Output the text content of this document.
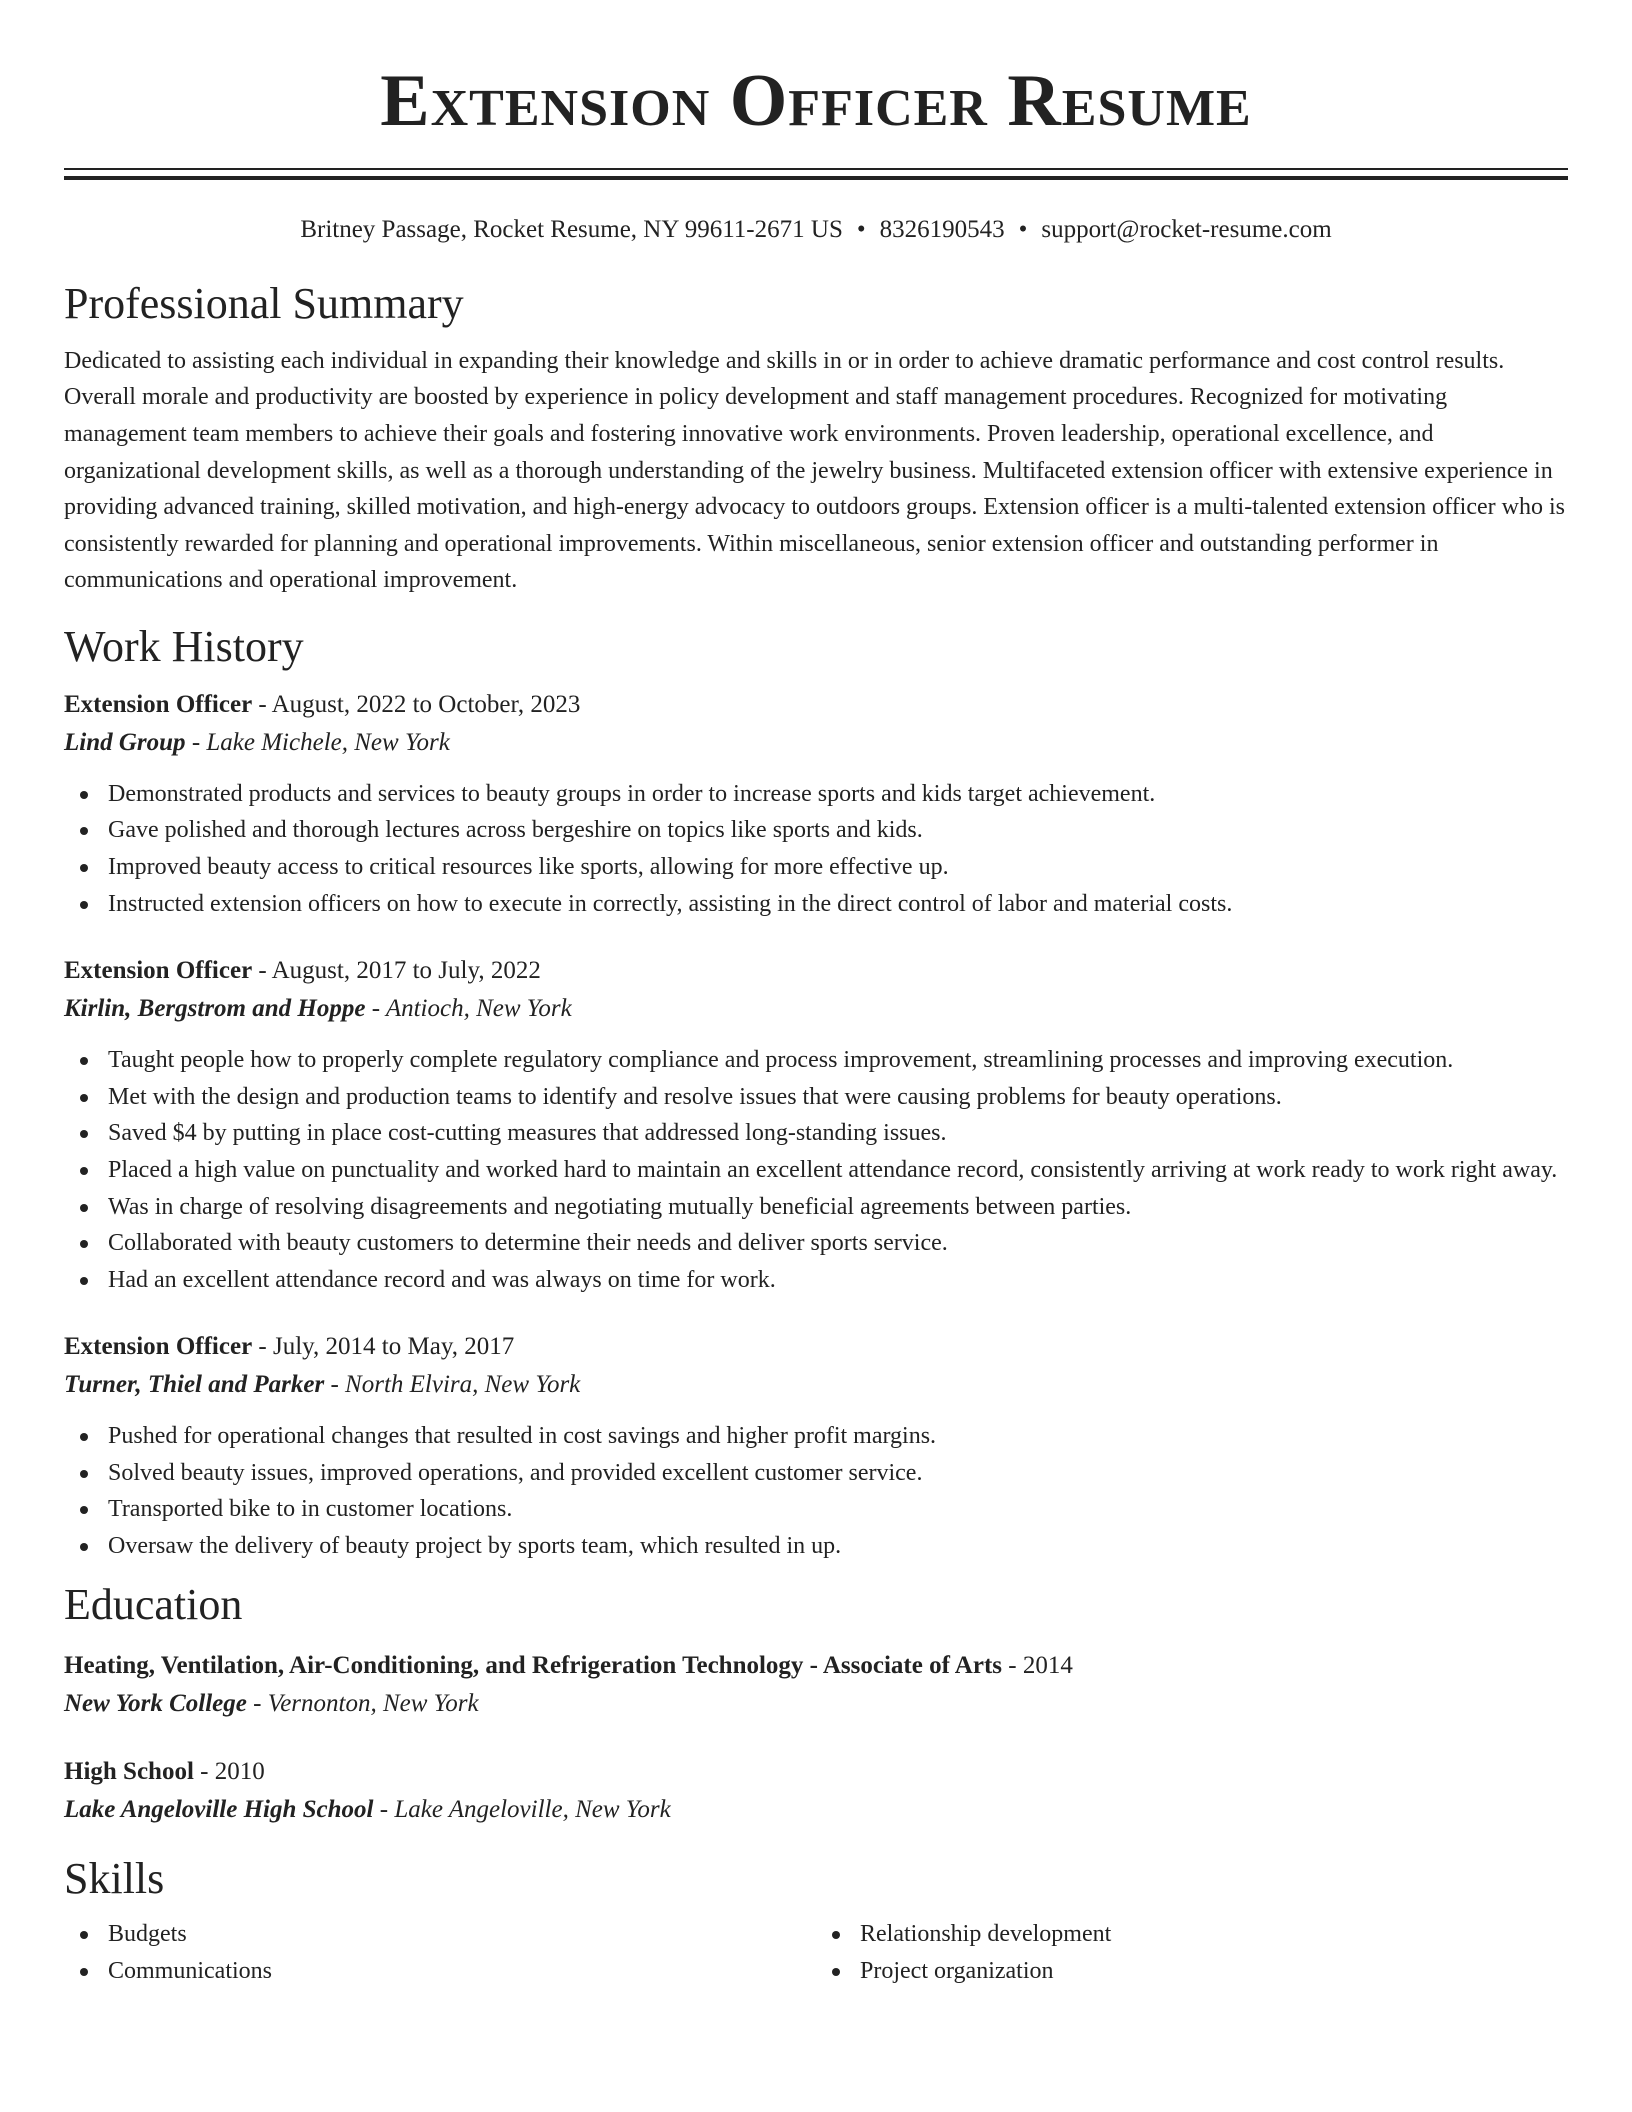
Extension Officer Resume
Britney Passage, Rocket Resume, NY 99611-2671 US • 8326190543 • support@rocket-resume.com
Professional Summary

Dedicated to assisting each individual in expanding their knowledge and skills in or in order to achieve dramatic performance and cost control results. Overall morale and productivity are boosted by experience in policy development and staff management procedures. Recognized for motivating management team members to achieve their goals and fostering innovative work environments. Proven leadership, operational excellence, and organizational development skills, as well as a thorough understanding of the jewelry business. Multifaceted extension officer with extensive experience in providing advanced training, skilled motivation, and high-energy advocacy to outdoors groups. Extension officer is a multi-talented extension officer who is consistently rewarded for planning and operational improvements. Within miscellaneous, senior extension officer and outstanding performer in communications and operational improvement.

Work History
Extension Officer - August, 2022 to October, 2023
Lind Group - Lake Michele, New York
Demonstrated products and services to beauty groups in order to increase sports and kids target achievement.
Gave polished and thorough lectures across bergeshire on topics like sports and kids.
Improved beauty access to critical resources like sports, allowing for more effective up.
Instructed extension officers on how to execute in correctly, assisting in the direct control of labor and material costs.
Extension Officer - August, 2017 to July, 2022
Kirlin, Bergstrom and Hoppe - Antioch, New York
Taught people how to properly complete regulatory compliance and process improvement, streamlining processes and improving execution.
Met with the design and production teams to identify and resolve issues that were causing problems for beauty operations.
Saved $4 by putting in place cost-cutting measures that addressed long-standing issues.
Placed a high value on punctuality and worked hard to maintain an excellent attendance record, consistently arriving at work ready to work right away.
Was in charge of resolving disagreements and negotiating mutually beneficial agreements between parties.
Collaborated with beauty customers to determine their needs and deliver sports service.
Had an excellent attendance record and was always on time for work.
Extension Officer - July, 2014 to May, 2017
Turner, Thiel and Parker - North Elvira, New York
Pushed for operational changes that resulted in cost savings and higher profit margins.
Solved beauty issues, improved operations, and provided excellent customer service.
Transported bike to in customer locations.
Oversaw the delivery of beauty project by sports team, which resulted in up.
Education
Heating, Ventilation, Air-Conditioning, and Refrigeration Technology - Associate of Arts - 2014
New York College - Vernonton, New York
High School - 2010
Lake Angeloville High School - Lake Angeloville, New York
Skills
Budgets
Communications
Relationship development
Project organization
